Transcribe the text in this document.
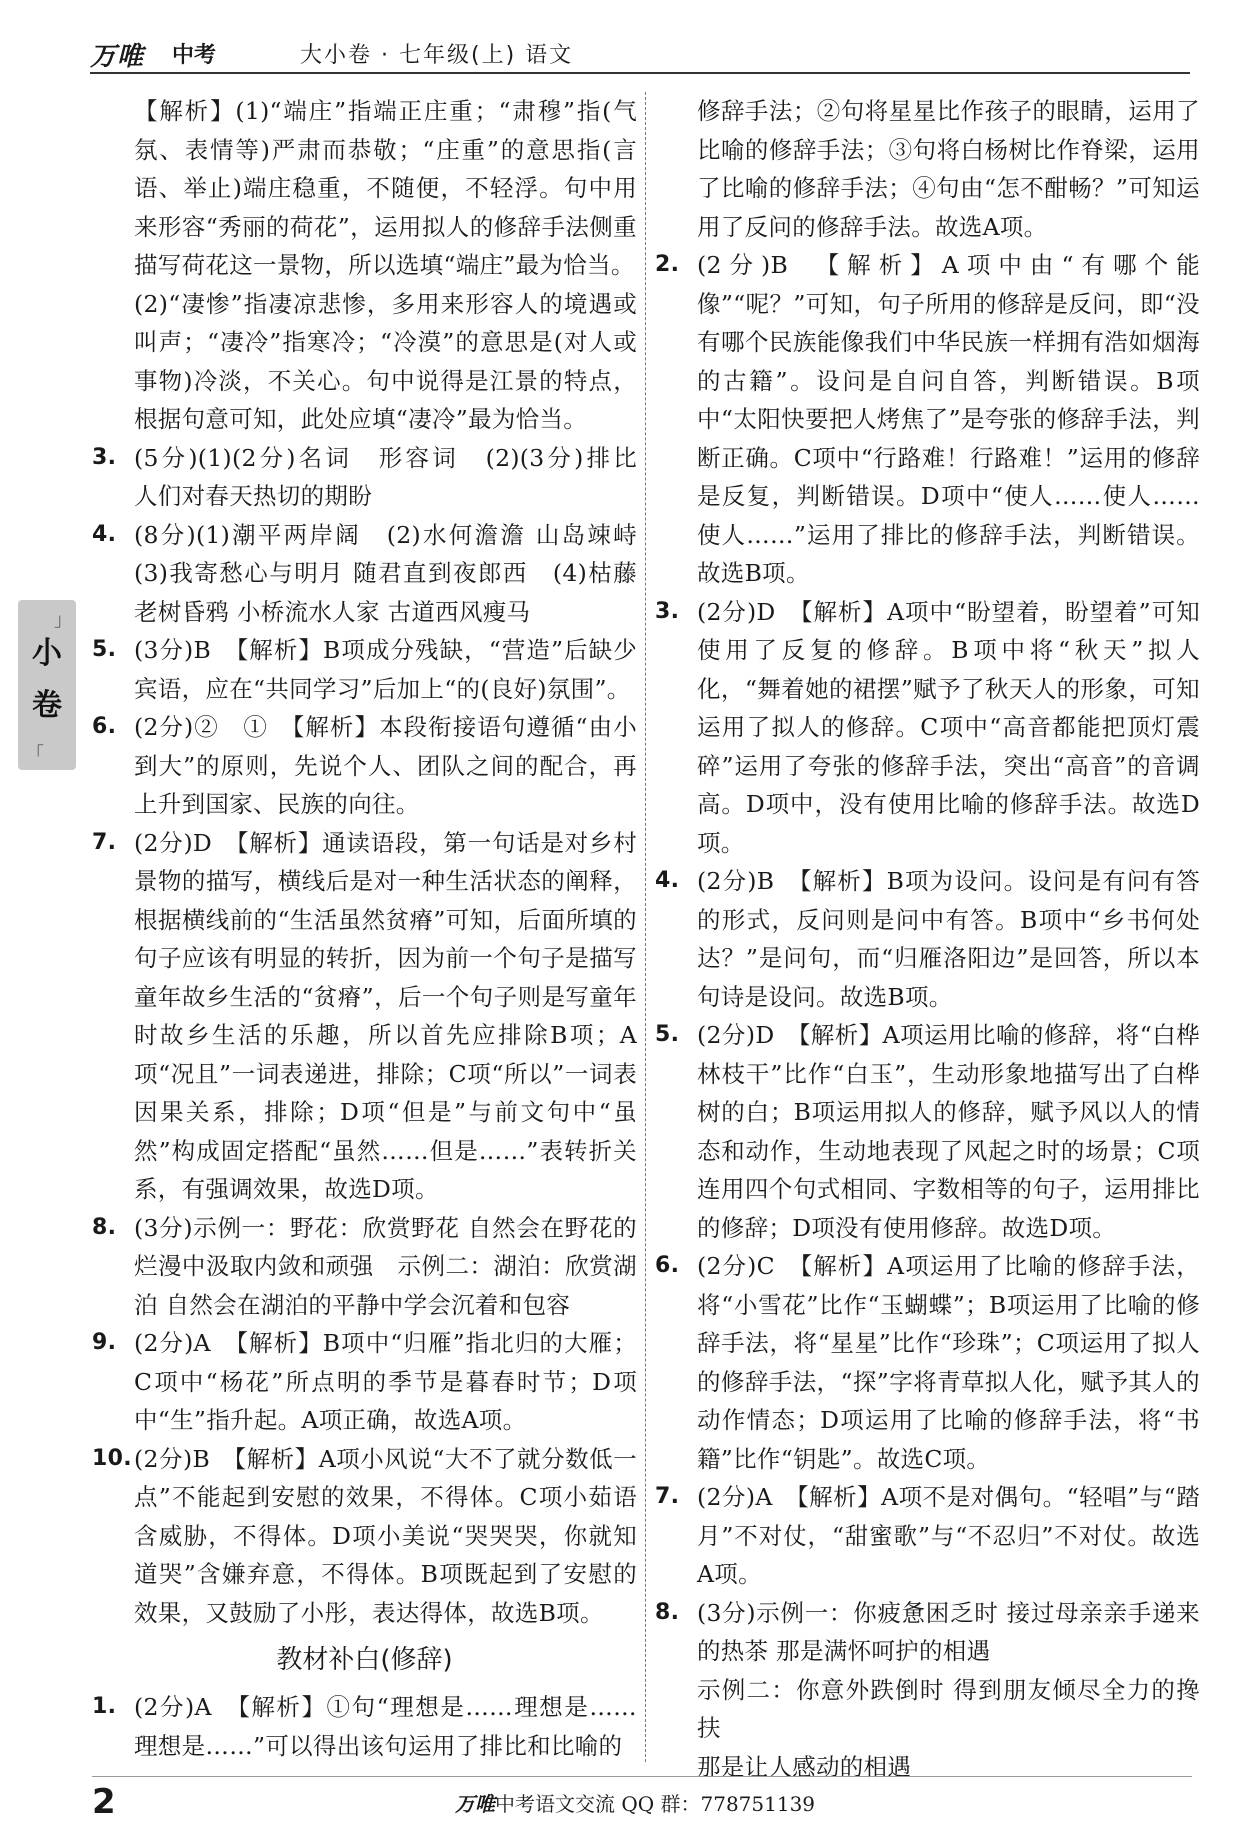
万唯 中考	大小卷 · 七年级(上) 语文
」
小卷
「

【解析】(1)“端庄”指端正庄重；“肃穆”指(气氛、表情等)严肃而恭敬；“庄重”的意思指(言语、举止)端庄稳重，不随便，不轻浮。句中用来形容“秀丽的荷花”，运用拟人的修辞手法侧重描写荷花这一景物，所以选填“端庄”最为恰当。

(2)“凄惨”指凄凉悲惨，多用来形容人的境遇或叫声；“凄冷”指寒冷；“冷漠”的意思是(对人或事物)冷淡，不关心。句中说得是江景的特点，根据句意可知，此处应填“凄冷”最为恰当。

3. (5分)(1)(2分)名词　形容词　(2)(3分)排比　人们对春天热切的期盼
4. (8分)(1)潮平两岸阔　(2)水何澹澹 山岛竦峙　(3)我寄愁心与明月 随君直到夜郎西　(4)枯藤老树昏鸦 小桥流水人家 古道西风瘦马
5. (3分)B　【解析】B项成分残缺，“营造”后缺少宾语，应在“共同学习”后加上“的(良好)氛围”。
6. (2分)②　①　【解析】本段衔接语句遵循“由小到大”的原则，先说个人、团队之间的配合，再上升到国家、民族的向往。
7. (2分)D　【解析】通读语段，第一句话是对乡村景物的描写，横线后是对一种生活状态的阐释，根据横线前的“生活虽然贫瘠”可知，后面所填的句子应该有明显的转折，因为前一个句子是描写童年故乡生活的“贫瘠”，后一个句子则是写童年时故乡生活的乐趣，所以首先应排除B项；A项“况且”一词表递进，排除；C项“所以”一词表因果关系，排除；D项“但是”与前文句中“虽然”构成固定搭配“虽然……但是……”表转折关系，有强调效果，故选D项。
8. (3分)示例一：野花：欣赏野花 自然会在野花的烂漫中汲取内敛和顽强　示例二：湖泊：欣赏湖泊 自然会在湖泊的平静中学会沉着和包容
9. (2分)A　【解析】B项中“归雁”指北归的大雁；C项中“杨花”所点明的季节是暮春时节；D项中“生”指升起。A项正确，故选A项。
10. (2分)B　【解析】A项小风说“大不了就分数低一点”不能起到安慰的效果，不得体。C项小茹语含威胁，不得体。D项小美说“哭哭哭，你就知道哭”含嫌弃意，不得体。B项既起到了安慰的效果，又鼓励了小彤，表达得体，故选B项。
教材补白(修辞)
1. (2分)A　【解析】①句“理想是……理想是……理想是……”可以得出该句运用了排比和比喻的

修辞手法；②句将星星比作孩子的眼睛，运用了比喻的修辞手法；③句将白杨树比作脊梁，运用了比喻的修辞手法；④句由“怎不酣畅？”可知运用了反问的修辞手法。故选A项。

2. (2分)B　【解析】A项中由“有哪个能像”“呢？”可知，句子所用的修辞是反问，即“没有哪个民族能像我们中华民族一样拥有浩如烟海的古籍”。设问是自问自答，判断错误。B项中“太阳快要把人烤焦了”是夸张的修辞手法，判断正确。C项中“行路难！行路难！”运用的修辞是反复，判断错误。D项中“使人……使人……使人……”运用了排比的修辞手法，判断错误。故选B项。
3. (2分)D　【解析】A项中“盼望着，盼望着”可知使用了反复的修辞。B项中将“秋天”拟人化，“舞着她的裙摆”赋予了秋天人的形象，可知运用了拟人的修辞。C项中“高音都能把顶灯震碎”运用了夸张的修辞手法，突出“高音”的音调高。D项中，没有使用比喻的修辞手法。故选D项。
4. (2分)B　【解析】B项为设问。设问是有问有答的形式，反问则是问中有答。B项中“乡书何处达？”是问句，而“归雁洛阳边”是回答，所以本句诗是设问。故选B项。
5. (2分)D　【解析】A项运用比喻的修辞，将“白桦林枝干”比作“白玉”，生动形象地描写出了白桦树的白；B项运用拟人的修辞，赋予风以人的情态和动作，生动地表现了风起之时的场景；C项连用四个句式相同、字数相等的句子，运用排比的修辞；D项没有使用修辞。故选D项。
6. (2分)C　【解析】A项运用了比喻的修辞手法，将“小雪花”比作“玉蝴蝶”；B项运用了比喻的修辞手法，将“星星”比作“珍珠”；C项运用了拟人的修辞手法，“探”字将青草拟人化，赋予其人的动作情态；D项运用了比喻的修辞手法，将“书籍”比作“钥匙”。故选C项。
7. (2分)A　【解析】A项不是对偶句。“轻唱”与“踏月”不对仗，“甜蜜歌”与“不忍归”不对仗。故选A项。
8. (3分)示例一：你疲惫困乏时 接过母亲亲手递来的热茶 那是满怀呵护的相遇

示例二：你意外跌倒时 得到朋友倾尽全力的搀扶

那是让人感动的相遇

2	万唯中考语文交流 QQ 群：778751139
